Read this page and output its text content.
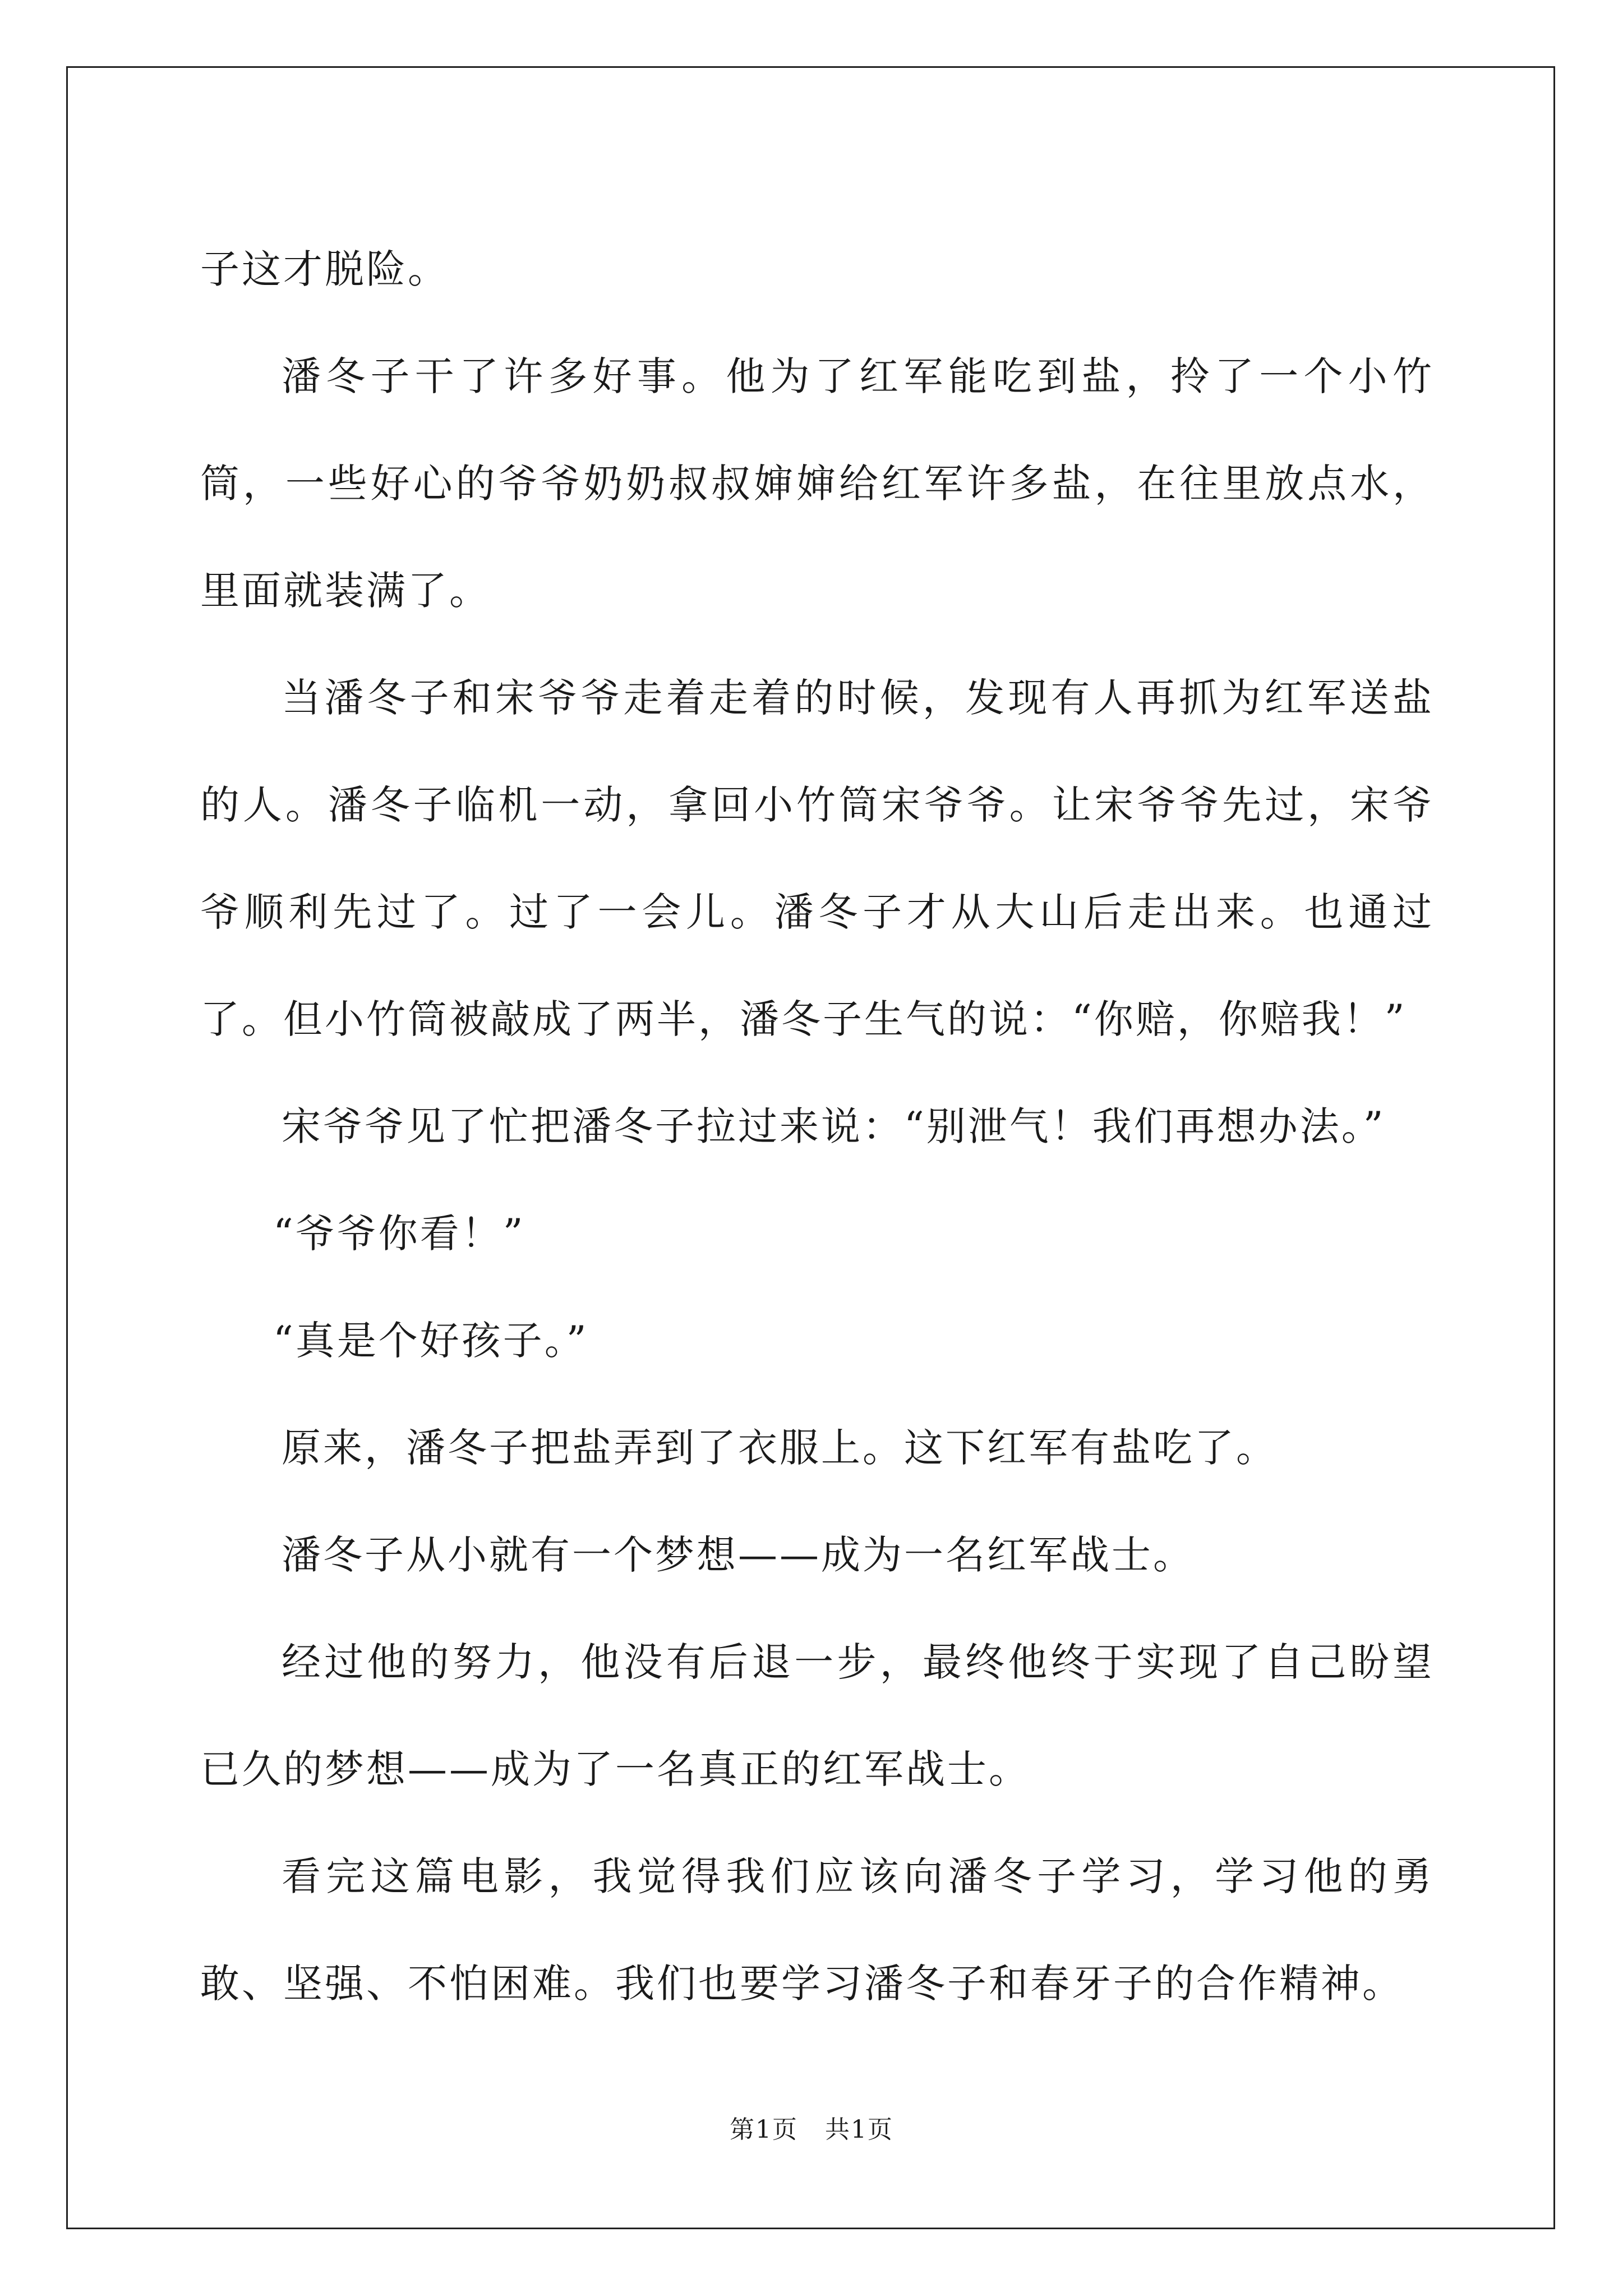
子这才脱险。

潘冬子干了许多好事。他为了红军能吃到盐，拎了一个小竹筒，一些好心的爷爷奶奶叔叔婶婶给红军许多盐，在往里放点水，里面就装满了。

当潘冬子和宋爷爷走着走着的时候，发现有人再抓为红军送盐的人。潘冬子临机一动，拿回小竹筒宋爷爷。让宋爷爷先过，宋爷爷顺利先过了。过了一会儿。潘冬子才从大山后走出来。也通过了。但小竹筒被敲成了两半，潘冬子生气的说：“你赔，你赔我！”

宋爷爷见了忙把潘冬子拉过来说：“别泄气！我们再想办法。”

“爷爷你看！”

“真是个好孩子。”

原来，潘冬子把盐弄到了衣服上。这下红军有盐吃了。

潘冬子从小就有一个梦想——成为一名红军战士。

经过他的努力，他没有后退一步，最终他终于实现了自己盼望已久的梦想——成为了一名真正的红军战士。

看完这篇电影，我觉得我们应该向潘冬子学习，学习他的勇敢、坚强、不怕困难。我们也要学习潘冬子和春牙子的合作精神。

第1页 共1页
